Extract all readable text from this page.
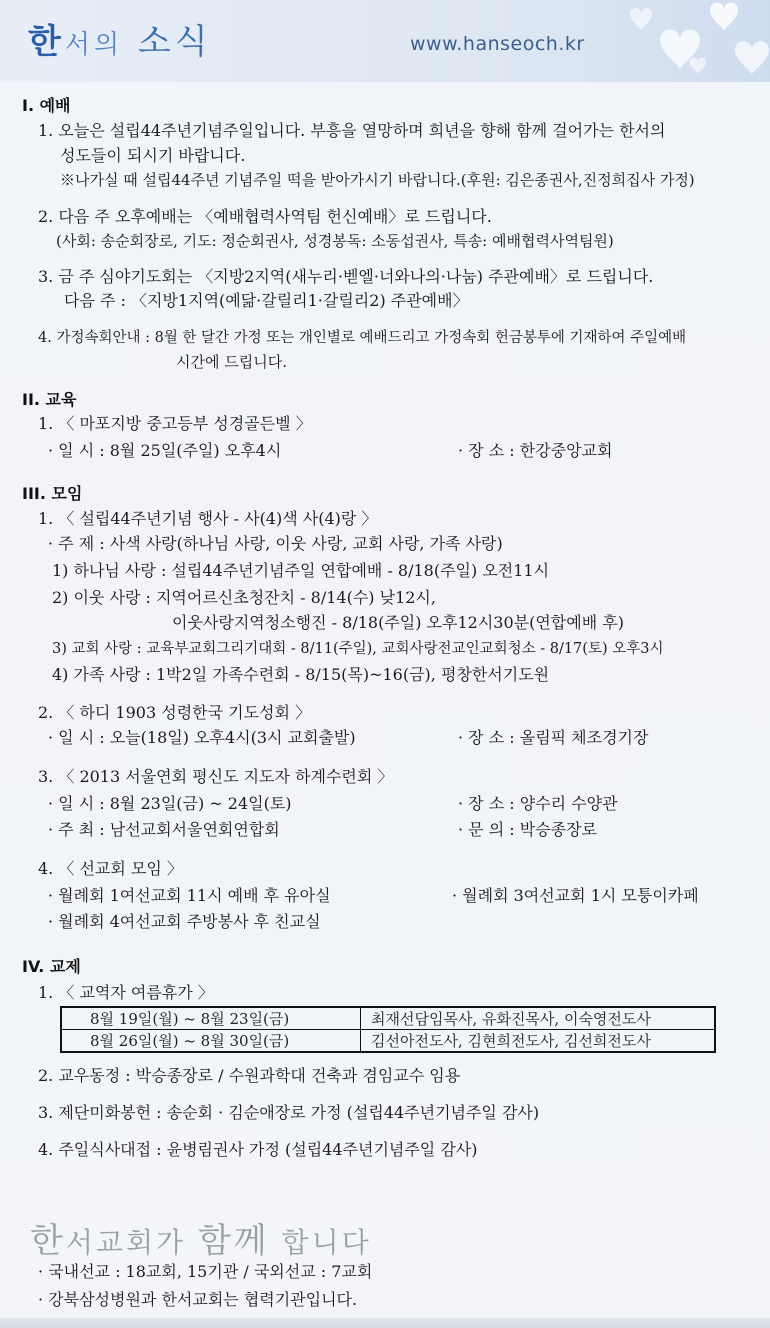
한서의 소식	www.hanseoch.kr
I. 예배
1. 오늘은 설립44주년기념주일입니다. 부흥을 열망하며 희년을 향해 함께 걸어가는 한서의
성도들이 되시기 바랍니다.
※나가실 때 설립44주년 기념주일 떡을 받아가시기 바랍니다.(후원: 김은종권사,진정희집사 가정)
2. 다음 주 오후예배는 〈예배협력사역팀 헌신예배〉로 드립니다.
(사회: 송순회장로, 기도: 정순회권사, 성경봉독: 소동섭권사, 특송: 예배협력사역팀원)
3. 금 주 심야기도회는 〈지방2지역(새누리·벧엘·너와나의·나눔) 주관예배〉로 드립니다.
다음 주 : 〈지방1지역(예닮·갈릴리1·갈릴리2) 주관예배〉
4. 가정속회안내 : 8월 한 달간 가정 또는 개인별로 예배드리고 가정속회 헌금봉투에 기재하여 주일예배
시간에 드립니다.
II. 교육
1. 〈 마포지방 중고등부 성경골든벨 〉
· 일 시 : 8월 25일(주일) 오후4시	· 장 소 : 한강중앙교회
III. 모임
1. 〈 설립44주년기념 행사 - 사(4)색 사(4)랑 〉
· 주 제 : 사색 사랑(하나님 사랑, 이웃 사랑, 교회 사랑, 가족 사랑)
1) 하나님 사랑 : 설립44주년기념주일 연합예배 - 8/18(주일) 오전11시
2) 이웃 사랑 : 지역어르신초청잔치 - 8/14(수) 낮12시,
이웃사랑지역청소행진 - 8/18(주일) 오후12시30분(연합예배 후)
3) 교회 사랑 : 교육부교회그리기대회 - 8/11(주일), 교회사랑전교인교회청소 - 8/17(토) 오후3시
4) 가족 사랑 : 1박2일 가족수련회 - 8/15(목)~16(금), 평창한서기도원
2. 〈 하디 1903 성령한국 기도성회 〉
· 일 시 : 오늘(18일) 오후4시(3시 교회출발)	· 장 소 : 올림픽 체조경기장
3. 〈 2013 서울연회 평신도 지도자 하계수련회 〉
· 일 시 : 8월 23일(금) ~ 24일(토)	· 장 소 : 양수리 수양관
· 주 최 : 남선교회서울연회연합회	· 문 의 : 박승종장로
4. 〈 선교회 모임 〉
· 월례회 1여선교회 11시 예배 후 유아실	· 월례회 3여선교회 1시 모퉁이카페
· 월례회 4여선교회 주방봉사 후 친교실
IV. 교제
1. 〈 교역자 여름휴가 〉
8월 19일(월) ~ 8월 23일(금)	최재선담임목사, 유화진목사, 이숙영전도사
8월 26일(월) ~ 8월 30일(금)	김선아전도사, 김현희전도사, 김선희전도사
2. 교우동정 : 박승종장로 / 수원과학대 건축과 겸임교수 임용
3. 제단미화봉헌 : 송순회 · 김순애장로 가정 (설립44주년기념주일 감사)
4. 주일식사대접 : 윤병림권사 가정 (설립44주년기념주일 감사)
한서교회가 함께 합니다
· 국내선교 : 18교회, 15기관 / 국외선교 : 7교회
· 강북삼성병원과 한서교회는 협력기관입니다.
